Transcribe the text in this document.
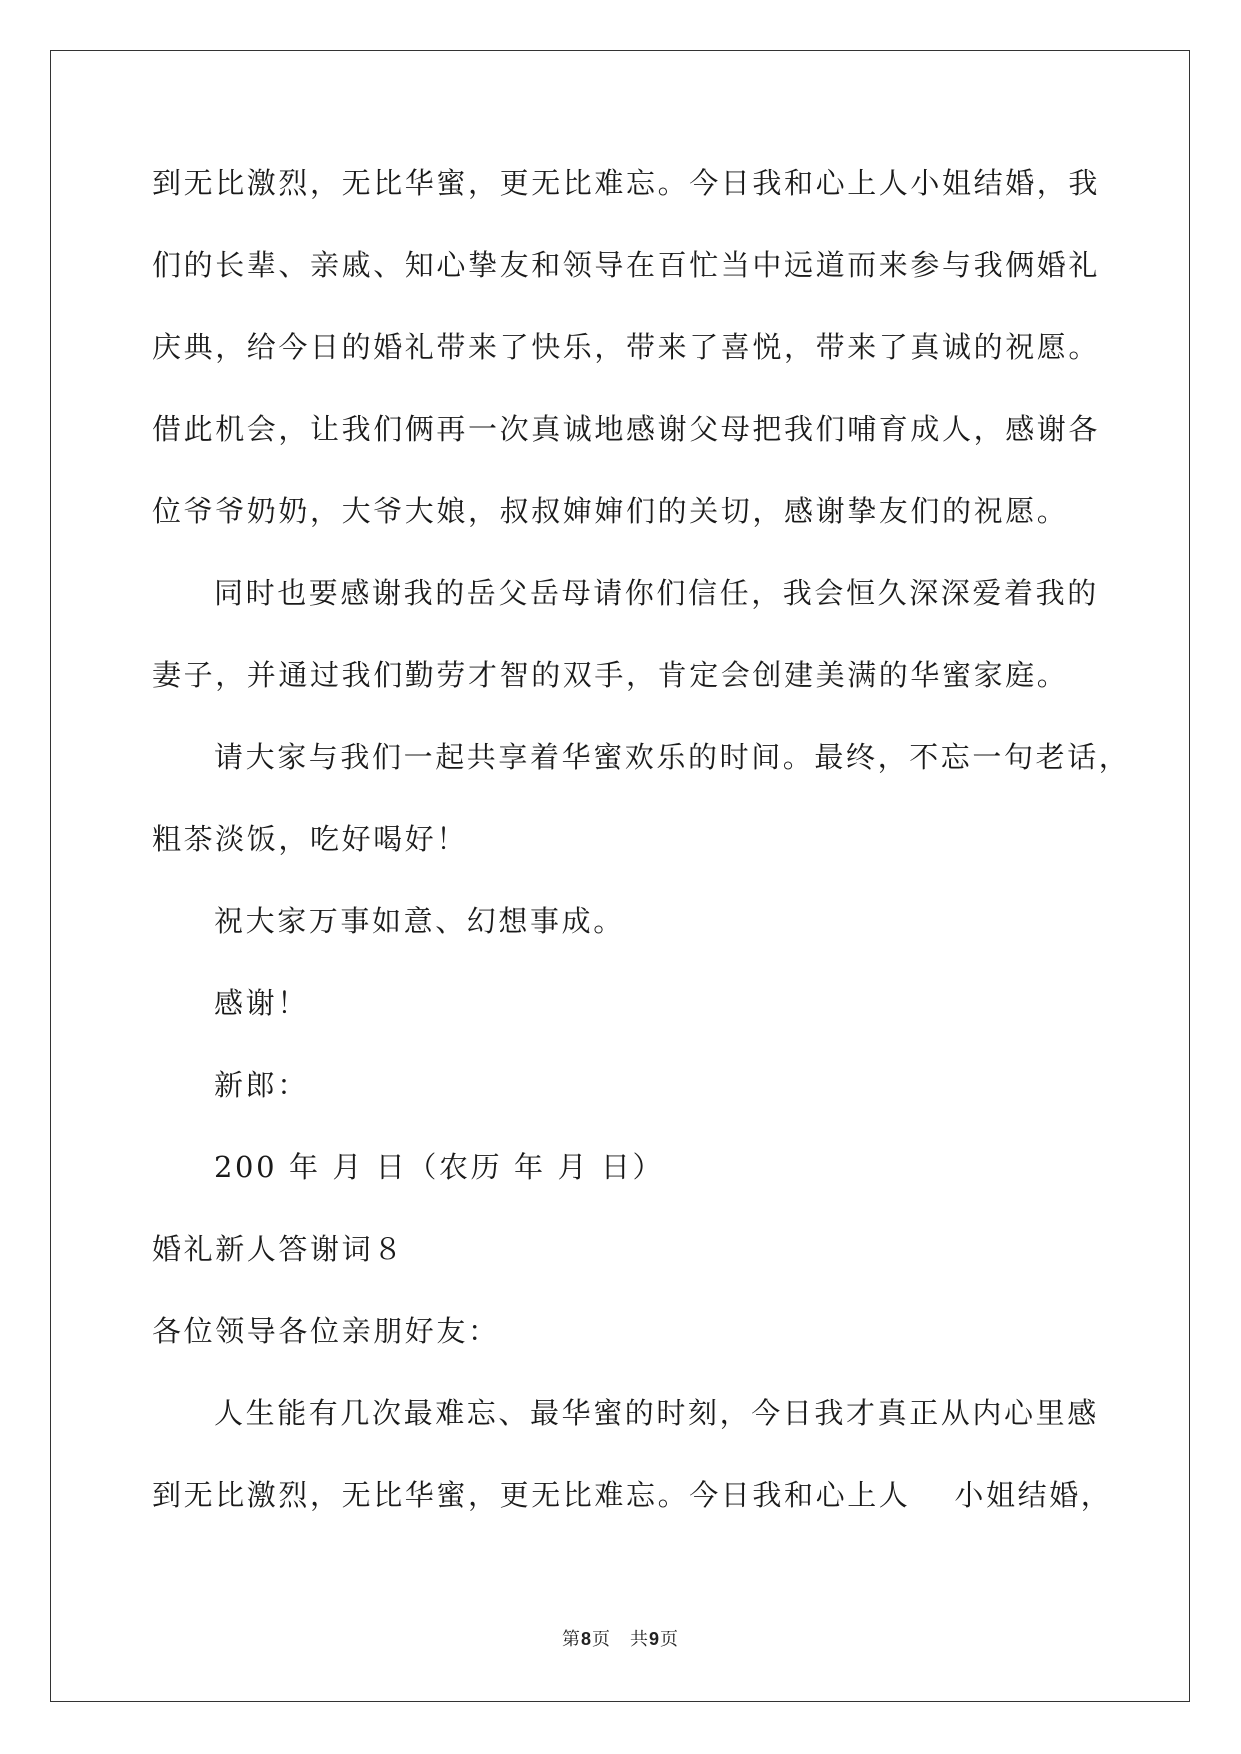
到无比激烈，无比华蜜，更无比难忘。今日我和心上人小姐结婚，我
们的长辈、亲戚、知心挚友和领导在百忙当中远道而来参与我俩婚礼
庆典，给今日的婚礼带来了快乐，带来了喜悦，带来了真诚的祝愿。
借此机会，让我们俩再一次真诚地感谢父母把我们哺育成人，感谢各
位爷爷奶奶，大爷大娘，叔叔婶婶们的关切，感谢挚友们的祝愿。
同时也要感谢我的岳父岳母请你们信任，我会恒久深深爱着我的
妻子，并通过我们勤劳才智的双手，肯定会创建美满的华蜜家庭。
请大家与我们一起共享着华蜜欢乐的时间。最终，不忘一句老话，
粗茶淡饭，吃好喝好！
祝大家万事如意、幻想事成。
感谢！
新郎：
200 年 月 日（农历 年 月 日）
婚礼新人答谢词８
各位领导各位亲朋好友：
人生能有几次最难忘、最华蜜的时刻，今日我才真正从内心里感
到无比激烈，无比华蜜，更无比难忘。今日我和心上人 小姐结婚，
第8页　共9页
